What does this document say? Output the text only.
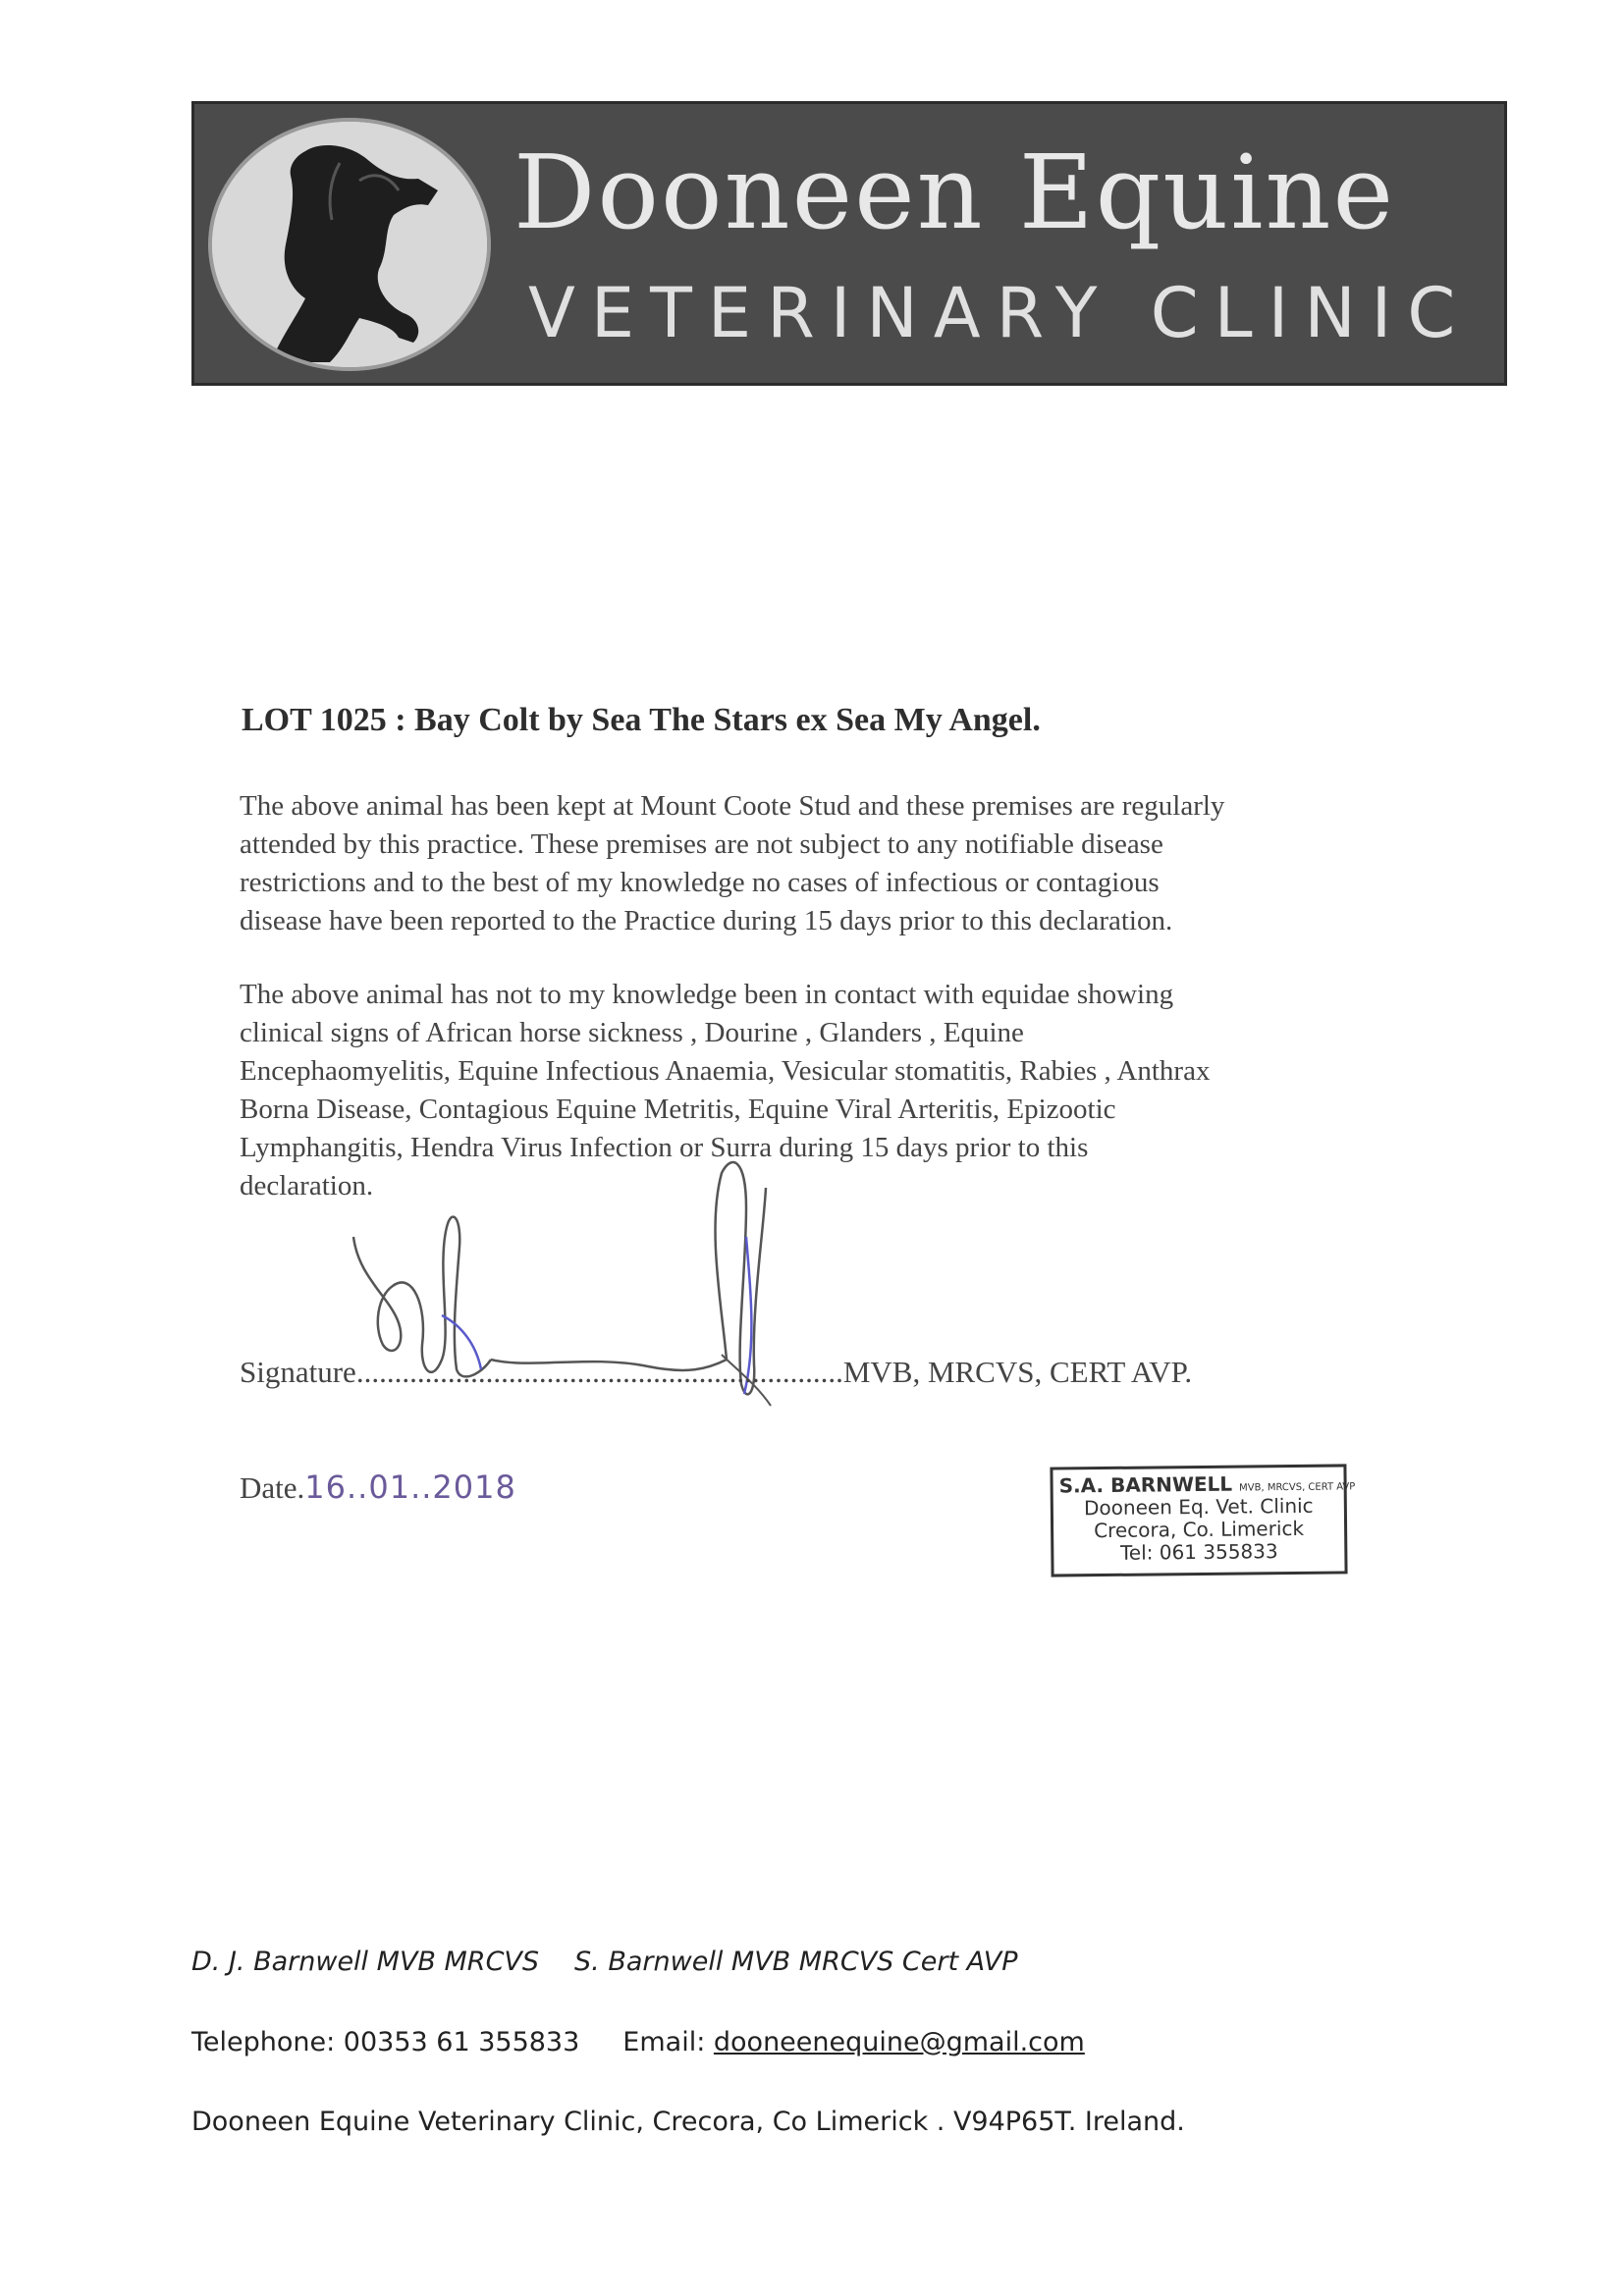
Dooneen Equine
VETERINARY CLINIC
LOT 1025 : Bay Colt by Sea The Stars ex Sea My Angel.
The above animal has been kept at Mount Coote Stud and these premises are regularly
attended by this practice. These premises are not subject to any notifiable disease
restrictions and to the best of my knowledge no cases of infectious or contagious
disease have been reported to the Practice during 15 days prior to this declaration.
The above animal has not to my knowledge been in contact with equidae showing
clinical signs of African horse sickness , Dourine , Glanders , Equine
Encephaomyelitis, Equine Infectious Anaemia, Vesicular stomatitis, Rabies , Anthrax
Borna Disease, Contagious Equine Metritis, Equine Viral Arteritis, Epizootic
Lymphangitis, Hendra Virus Infection or Surra during 15 days prior to this
declaration.
Signature................................................................MVB, MRCVS, CERT AVP.
Date.16..01..2018	S.A. BARNWELL MVB, MRCVS, CERT AVP
Dooneen Eq. Vet. Clinic
Crecora, Co. Limerick
Tel: 061 355833
D. J. Barnwell MVB MRCVS S. Barnwell MVB MRCVS Cert AVP
Telephone: 00353 61 355833 Email: dooneenequine@gmail.com
Dooneen Equine Veterinary Clinic, Crecora, Co Limerick . V94P65T. Ireland.
